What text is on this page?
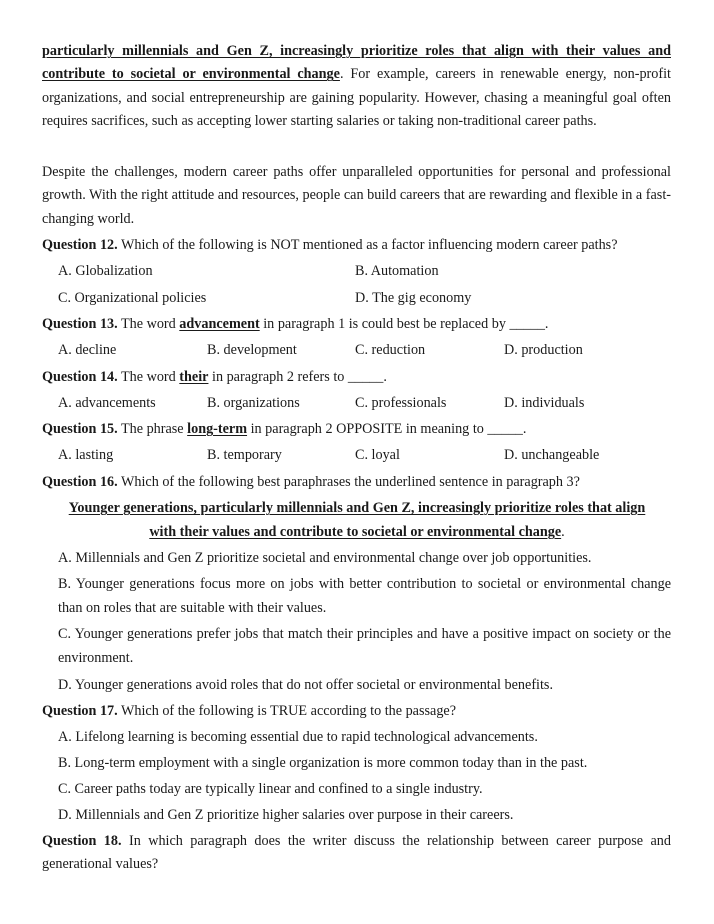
particularly millennials and Gen Z, increasingly prioritize roles that align with their values and contribute to societal or environmental change. For example, careers in renewable energy, non-profit organizations, and social entrepreneurship are gaining popularity. However, chasing a meaningful goal often requires sacrifices, such as accepting lower starting salaries or taking non-traditional career paths.

Despite the challenges, modern career paths offer unparalleled opportunities for personal and professional growth. With the right attitude and resources, people can build careers that are rewarding and flexible in a fast-changing world.

Question 12. Which of the following is NOT mentioned as a factor influencing modern career paths?
A. Globalization	B. Automation
C. Organizational policies	D. The gig economy
Question 13. The word advancement in paragraph 1 is could best be replaced by _____.
A. decline	B. development	C. reduction	D. production
Question 14. The word their in paragraph 2 refers to _____.
A. advancements	B. organizations	C. professionals	D. individuals
Question 15. The phrase long-term in paragraph 2 OPPOSITE in meaning to _____.
A. lasting	B. temporary	C. loyal	D. unchangeable
Question 16. Which of the following best paraphrases the underlined sentence in paragraph 3?
Younger generations, particularly millennials and Gen Z, increasingly prioritize roles that align
with their values and contribute to societal or environmental change.

A. Millennials and Gen Z prioritize societal and environmental change over job opportunities.

B. Younger generations focus more on jobs with better contribution to societal or environmental change than on roles that are suitable with their values.

C. Younger generations prefer jobs that match their principles and have a positive impact on society or the environment.

D. Younger generations avoid roles that do not offer societal or environmental benefits.

Question 17. Which of the following is TRUE according to the passage?

A. Lifelong learning is becoming essential due to rapid technological advancements.

B. Long-term employment with a single organization is more common today than in the past.

C. Career paths today are typically linear and confined to a single industry.

D. Millennials and Gen Z prioritize higher salaries over purpose in their careers.

Question 18. In which paragraph does the writer discuss the relationship between career purpose and generational values?
